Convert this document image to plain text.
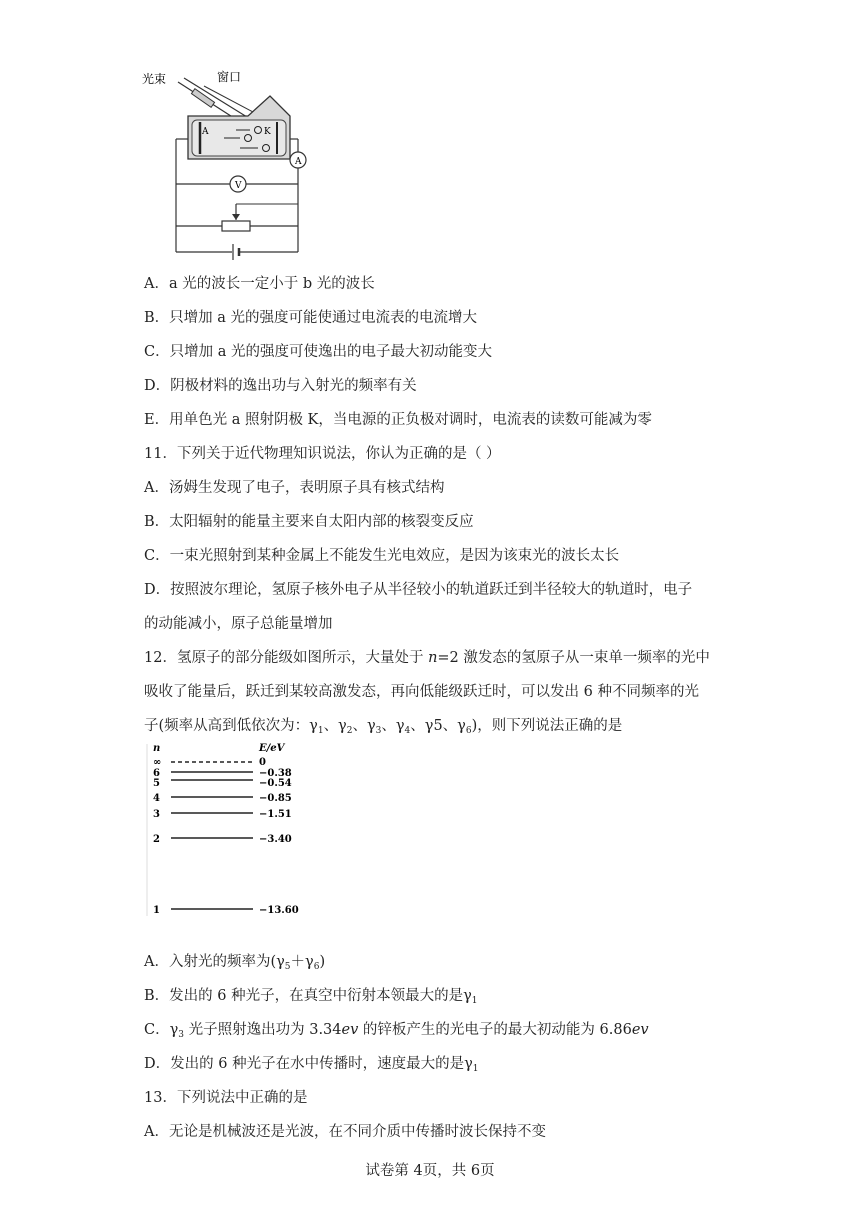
光束	窗口
A	K
A
V
A．a 光的波长一定小于 b 光的波长
B．只增加 a 光的强度可能使通过电流表的电流增大
C．只增加 a 光的强度可使逸出的电子最大初动能变大
D．阴极材料的逸出功与入射光的频率有关
E．用单色光 a 照射阴极 K，当电源的正负极对调时，电流表的读数可能减为零
11．下列关于近代物理知识说法，你认为正确的是（ ）
A．汤姆生发现了电子，表明原子具有核式结构
B．太阳辐射的能量主要来自太阳内部的核裂变反应
C．一束光照射到某种金属上不能发生光电效应，是因为该束光的波长太长
D．按照波尔理论，氢原子核外电子从半径较小的轨道跃迁到半径较大的轨道时，电子
的动能减小，原子总能量增加
12．氢原子的部分能级如图所示，大量处于 n=2 激发态的氢原子从一束单一频率的光中
吸收了能量后，跃迁到某较高激发态，再向低能级跃迁时，可以发出 6 种不同频率的光
子(频率从高到低依次为：$\gamma_1$、$\gamma_2$、$\gamma_3$、$\gamma_4$、γ5、$\gamma_6$)，则下列说法正确的是
n	E/eV
∞	0
6	−0.38
5	−0.54
4	−0.85
3	−1.51
2	−3.40
1	−13.60
A．入射光的频率为$(\gamma_5+\gamma_6)$
B．发出的 6 种光子，在真空中衍射本领最大的是$\gamma_1$
C．$\gamma_3$ 光子照射逸出功为 3.34ev 的锌板产生的光电子的最大初动能为 6.86ev
D．发出的 6 种光子在水中传播时，速度最大的是$\gamma_1$
13．下列说法中正确的是
A．无论是机械波还是光波，在不同介质中传播时波长保持不变
试卷第 4页，共 6页
